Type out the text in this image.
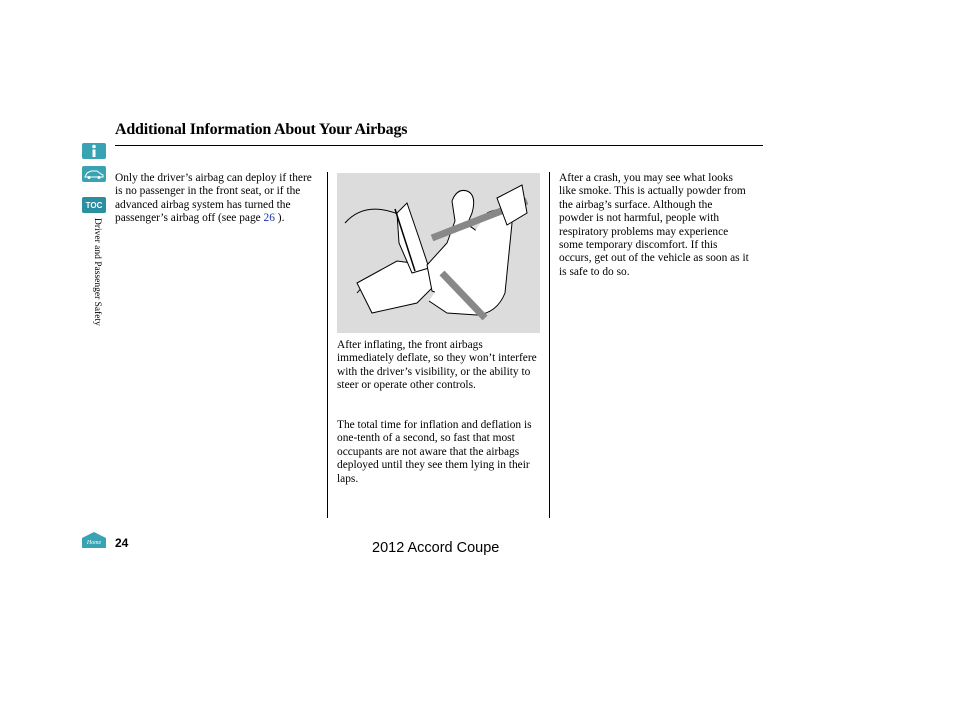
Additional Information About Your Airbags
TOC
Driver and Passenger Safety
Only the driver’s airbag can deploy if there is no passenger in the front seat, or if the advanced airbag system has turned the passenger’s airbag off (see page 26 ).
After inflating, the front airbags immediately deflate, so they won’t interfere with the driver’s visibility, or the ability to steer or operate other controls.
The total time for inflation and deflation is one-tenth of a second, so fast that most occupants are not aware that the airbags deployed until they see them lying in their laps.
After a crash, you may see what looks like smoke. This is actually powder from the airbag’s surface. Although the powder is not harmful, people with respiratory problems may experience some temporary discomfort. If this occurs, get out of the vehicle as soon as it is safe to do so.
Home 24	2012 Accord Coupe
